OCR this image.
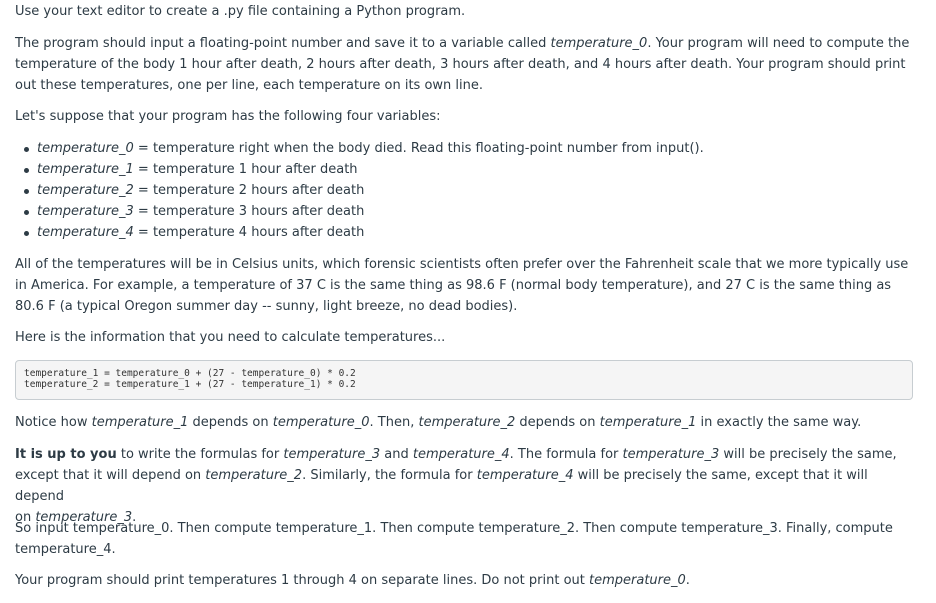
Use your text editor to create a .py file containing a Python program.

The program should input a floating-point number and save it to a variable called temperature_0. Your program will need to compute the temperature of the body 1 hour after death, 2 hours after death, 3 hours after death, and 4 hours after death. Your program should print out these temperatures, one per line, each temperature on its own line.

Let's suppose that your program has the following four variables:

temperature_0 = temperature right when the body died. Read this floating-point number from input().
temperature_1 = temperature 1 hour after death
temperature_2 = temperature 2 hours after death
temperature_3 = temperature 3 hours after death
temperature_4 = temperature 4 hours after death

All of the temperatures will be in Celsius units, which forensic scientists often prefer over the Fahrenheit scale that we more typically use in America. For example, a temperature of 37 C is the same thing as 98.6 F (normal body temperature), and 27 C is the same thing as 80.6 F (a typical Oregon summer day -- sunny, light breeze, no dead bodies).

Here is the information that you need to calculate temperatures...

temperature_1 = temperature_0 + (27 - temperature_0) * 0.2
temperature_2 = temperature_1 + (27 - temperature_1) * 0.2

Notice how temperature_1 depends on temperature_0. Then, temperature_2 depends on temperature_1 in exactly the same way.

It is up to you to write the formulas for temperature_3 and temperature_4. The formula for temperature_3 will be precisely the same, except that it will depend on temperature_2. Similarly, the formula for temperature_4 will be precisely the same, except that it will depend
on temperature_3.

So input temperature_0. Then compute temperature_1. Then compute temperature_2. Then compute temperature_3. Finally, compute temperature_4.

Your program should print temperatures 1 through 4 on separate lines. Do not print out temperature_0.
